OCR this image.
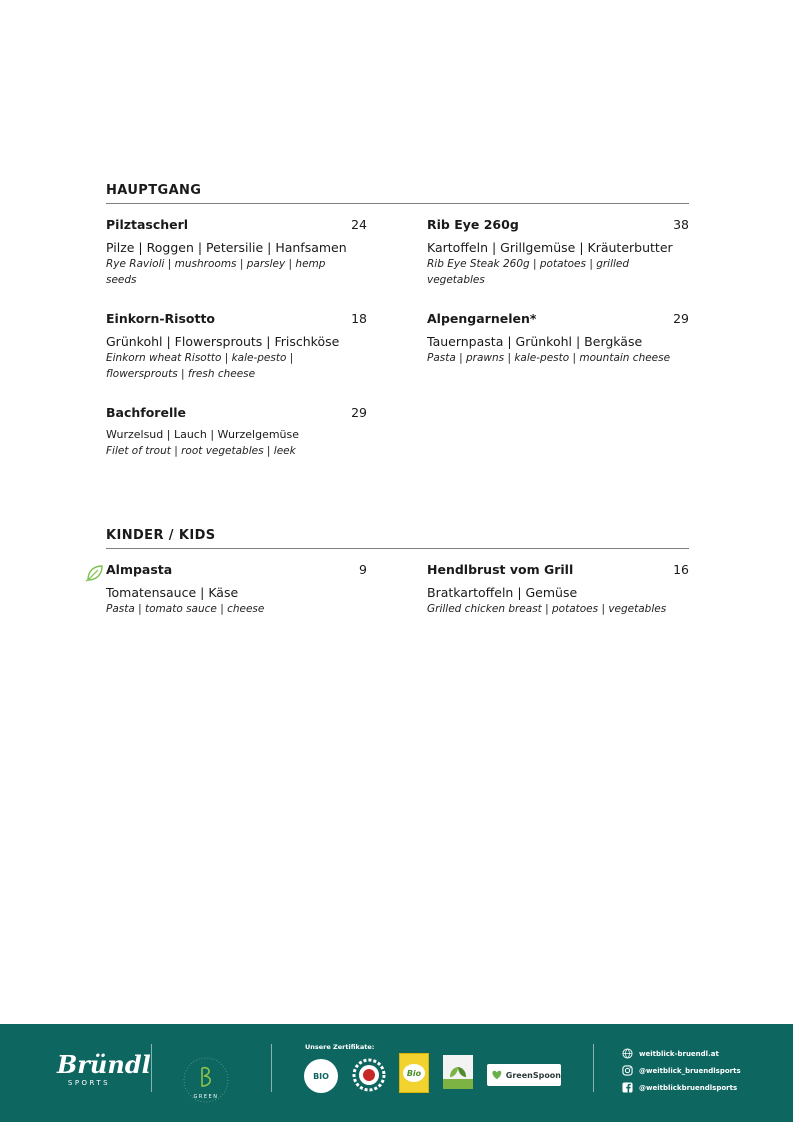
HAUPTGANG
Pilztascherl	24
Pilze | Roggen | Petersilie | Hanfsamen
Rye Ravioli | mushrooms | parsley | hemp
seeds
Rib Eye 260g	38
Kartoffeln | Grillgemüse | Kräuterbutter
Rib Eye Steak 260g | potatoes | grilled
vegetables
Einkorn-Risotto	18
Grünkohl | Flowersprouts | Frischköse
Einkorn wheat Risotto | kale-pesto |
flowersprouts | fresh cheese
Alpengarnelen*	29
Tauernpasta | Grünkohl | Bergkäse
Pasta | prawns | kale-pesto | mountain cheese
Bachforelle	29
Wurzelsud | Lauch | Wurzelgemüse
Filet of trout | root vegetables | leek
KINDER / KIDS
Almpasta	9
Tomatensauce | Käse
Pasta | tomato sauce | cheese
Hendlbrust vom Grill	16
Bratkartoffeln | Gemüse
Grilled chicken breast | potatoes | vegetables
Bründl
SPORTS
GREEN
Unsere Zertifikate:
BIO	Bio	GreenSpoon
weitblick-bruendl.at
@weitblick_bruendlsports
@weitblickbruendlsports
